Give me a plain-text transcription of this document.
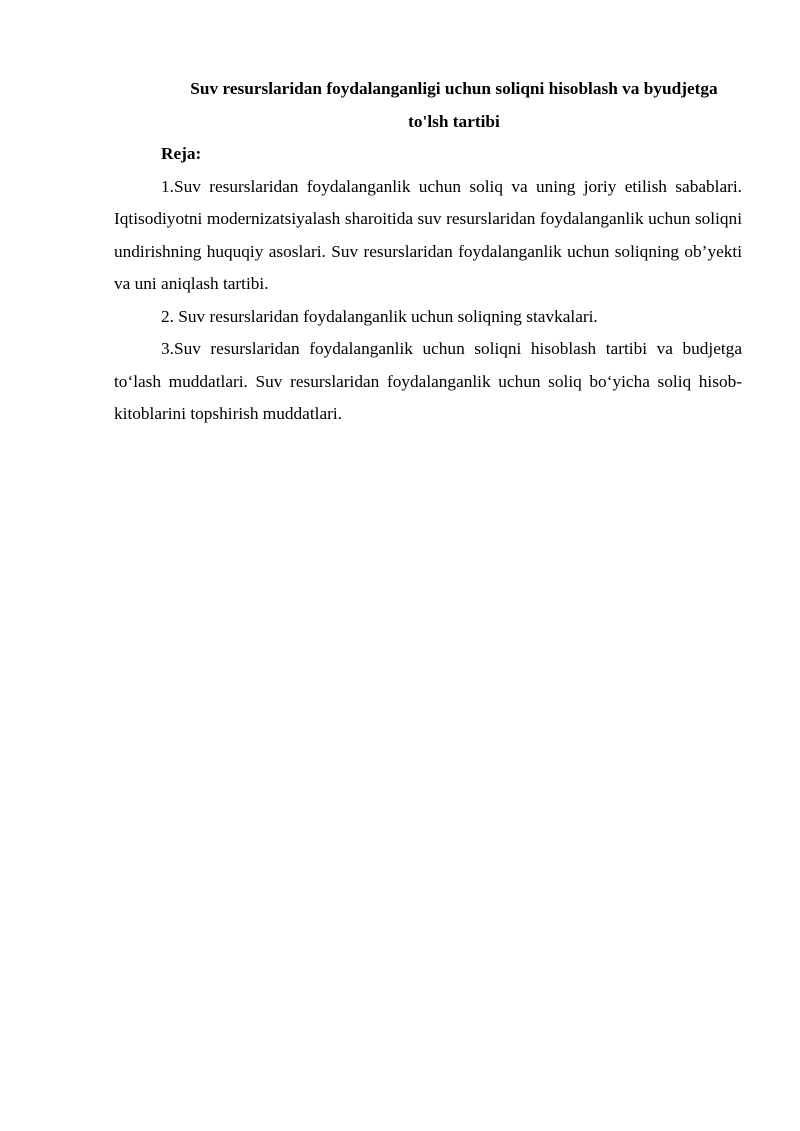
Suv resurslaridan foydalanganligi uchun soliqni hisoblash va byudjetga
to'lsh tartibi

Reja:

1.Suv resurslaridan foydalanganlik uchun soliq va uning joriy etilish sabablari. Iqtisodiyotni modernizatsiyalash sharoitida suv resurslaridan foydalanganlik uchun soliqni undirishning huquqiy asoslari. Suv resurslaridan foydalanganlik uchun soliqning ob’yekti va uni aniqlash tartibi.

2. Suv resurslaridan foydalanganlik uchun soliqning stavkalari.

3.Suv resurslaridan foydalanganlik uchun soliqni hisoblash tartibi va budjetga to‘lash muddatlari. Suv resurslaridan foydalanganlik uchun soliq bo‘yicha soliq hisob-kitoblarini topshirish muddatlari.
